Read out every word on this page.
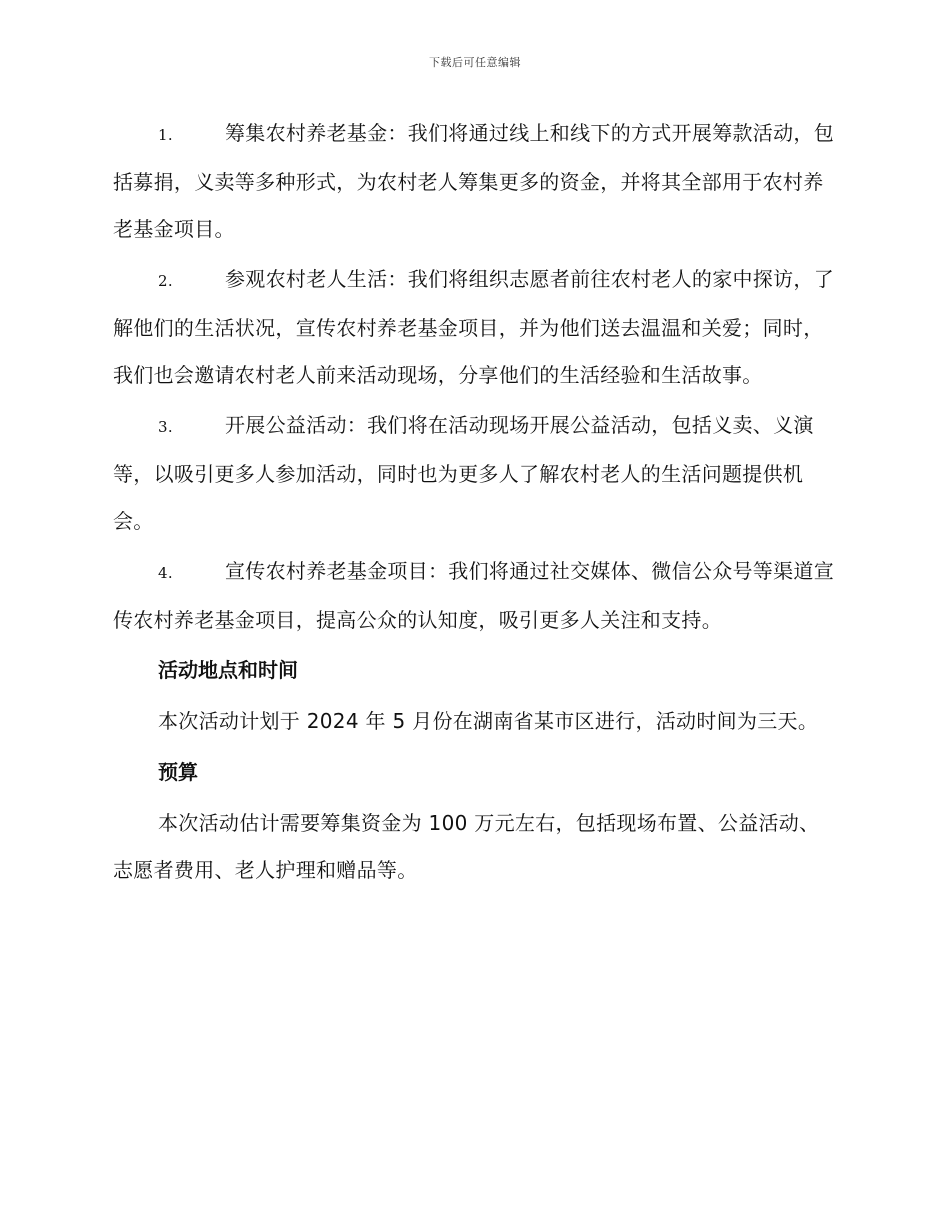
下载后可任意编辑

1.	筹集农村养老基金：我们将通过线上和线下的方式开展筹款活动，包括募捐，义卖等多种形式，为农村老人筹集更多的资金，并将其全部用于农村养老基金项目。

2.	参观农村老人生活：我们将组织志愿者前往农村老人的家中探访，了解他们的生活状况，宣传农村养老基金项目，并为他们送去温温和关爱；同时，我们也会邀请农村老人前来活动现场，分享他们的生活经验和生活故事。

3.	开展公益活动：我们将在活动现场开展公益活动，包括义卖、义演等，以吸引更多人参加活动，同时也为更多人了解农村老人的生活问题提供机会。

4.	宣传农村养老基金项目：我们将通过社交媒体、微信公众号等渠道宣传农村养老基金项目，提高公众的认知度，吸引更多人关注和支持。

活动地点和时间

本次活动计划于 2024 年 5 月份在湖南省某市区进行，活动时间为三天。

预算

本次活动估计需要筹集资金为 100 万元左右，包括现场布置、公益活动、志愿者费用、老人护理和赠品等。
